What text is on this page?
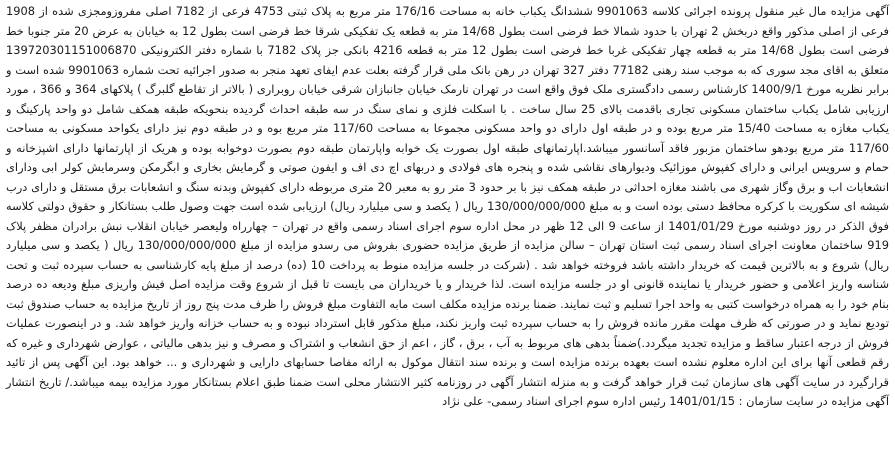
آگهی مزایده مال غیر منقول پرونده اجرائی کلاسه 9901063 ششدانگ یکباب خانه به مساحت 176/16 متر مربع به پلاک ثبتی 4753 فرعی از 7182 اصلی مفروزومجزی شده از 1908 فرعی از اصلی مذکور واقع دربخش 2 تهران با حدود شمالا خط فرضی است بطول 14/68 متر به قطعه یک تفکیکی شرقا خط فرضی است بطول 12 به خیابان به عرض 20 متر جنوبا خط فرضی است بطول 14/68 متر به قطعه چهار تفکیکی غربا خط فرضی است بطول 12 متر به قطعه 4216 بانکی جز پلاک 7182 با شماره دفتر الکترونیکی 139720301151006870 متعلق به اقای مجد سوری که به موجب سند رهنی 77182 دفتر 327 تهران در رهن بانک ملی قرار گرفته بعلت عدم ایفای تعهد منجر به صدور اجرائیه تحت شماره 9901063 شده است و برابر نظریه مورخ 1400/9/1 کارشناس رسمی دادگستری ملک فوق واقع است در تهران نارمک خیابان جانبازان شرقی خیابان روبراری ( بالاتر از تقاطع گلبرگ ) پلاکهای 364 و 366 ، مورد ارزیابی شامل یکباب ساختمان مسکونی تجاری باقدمت بالای 25 سال ساخت . با اسکلت فلزی و نمای سنگ در سه طبقه احداث گردیده بنحویکه طبقه همکف شامل دو واحد پارکینگ و یکباب مغازه به مساحت 15/40 متر مربع بوده و در طبقه اول دارای دو واحد مسکونی مجموعا به مساحت 117/60 متر مربع بوه و در طبقه دوم نیز دارای یکواحد مسکونی به مساحت 117/60 متر مربع بودهو ساختمان مزبور فاقد آسانسور میباشد.اپارتمانهای طبقه اول بصورت یک خوابه واپارتمان طبقه دوم بصورت دوخوابه بوده و هریک از اپارتمانها دارای اشپزخانه و حمام و سرویس ایرانی و دارای کفپوش موزائیک ودیوارهای نقاشی شده و پنجره های فولادی و دربهای اچ دی اف و ایفون صوتی و گرمایش بخاری و ابگرمکن وسرمایش کولر ابی ودارای انشعابات اب و برق وگاز شهری می باشند مغازه احداثی در طبقه همکف نیز با بر حدود 3 متر رو به معبر 20 متری مربوطه دارای کفپوش وبدنه سنگ و انشعابات برق مستقل و دارای درب شیشه ای سکوریت با کرکره محافظ دستی بوده است و به مبلغ 130/000/000/000 ریال ( یکصد و سی میلیارد ریال) ارزیابی شده است جهت وصول طلب بستانکار و حقوق دولتی کلاسه فوق الذکر در روز دوشنبه مورخ 1401/01/29 از ساعت 9 الی 12 ظهر در محل اداره سوم اجرای اسناد رسمی واقع در تهران – چهارراه ولیعصر خیابان انقلاب نبش برادران مظفر پلاک 919 ساختمان معاونت اجرای اسناد رسمی ثبت استان تهران – سالن مزایده از طریق مزایده حضوری بفروش می رسدو مزایده از مبلغ 130/000/000/000 ریال ( یکصد و سی میلیارد ریال) شروع و به بالاترین قیمت که خریدار داشته باشد فروخته خواهد شد . (شرکت در جلسه مزایده منوط به پرداخت 10 (ده) درصد از مبلغ پایه کارشناسی به حساب سپرده ثبت و تحت شناسه واریز اعلامی و حضور خریدار یا نماینده قانونی او در جلسه مزایده است. لذا خریدار و یا خریداران می بایست تا قبل از شروع وقت مزایده اصل فیش واریزی مبلغ ودیعه ده درصد بنام خود را به همراه درخواست کتبی به واحد اجرا تسلیم و ثبت نمایند. ضمنا برنده مزایده مکلف است مابه التفاوت مبلغ فروش را ظرف مدت پنج روز از تاریخ مزایده به حساب صندوق ثبت تودیع نماید و در صورتی که ظرف مهلت مقرر مانده فروش را به حساب سپرده ثبت واریز نکند، مبلغ مذکور قابل استرداد نبوده و به حساب خزانه واریز خواهد شد. و در اینصورت عملیات فروش از درجه اعتبار ساقط و مزایده تجدید میگردد.)ضمناً بدهی های مربوط به آب ، برق ، گاز ، اعم از حق انشعاب و اشتراک و مصرف و نیز بدهی مالیاتی ، عوارض شهرداری و غیره که رقم قطعی آنها برای این اداره معلوم نشده است بعهده برنده مزایده است و برنده سند انتقال موکول به ارائه مفاصا حسابهای دارایی و شهرداری و ... خواهد بود. این آگهی پس از تائید قرارگیرد در سایت آگهی های سازمان ثبت قرار خواهد گرفت و به منزله انتشار آگهی در روزنامه کثیر الانتشار محلی است ضمنا طبق اعلام بستانکار مورد مزایده بیمه میباشد./ تاریخ انتشار آگهی مزایده در سایت سازمان : 1401/01/15 رئیس اداره سوم اجرای اسناد رسمی- علی نژاد
